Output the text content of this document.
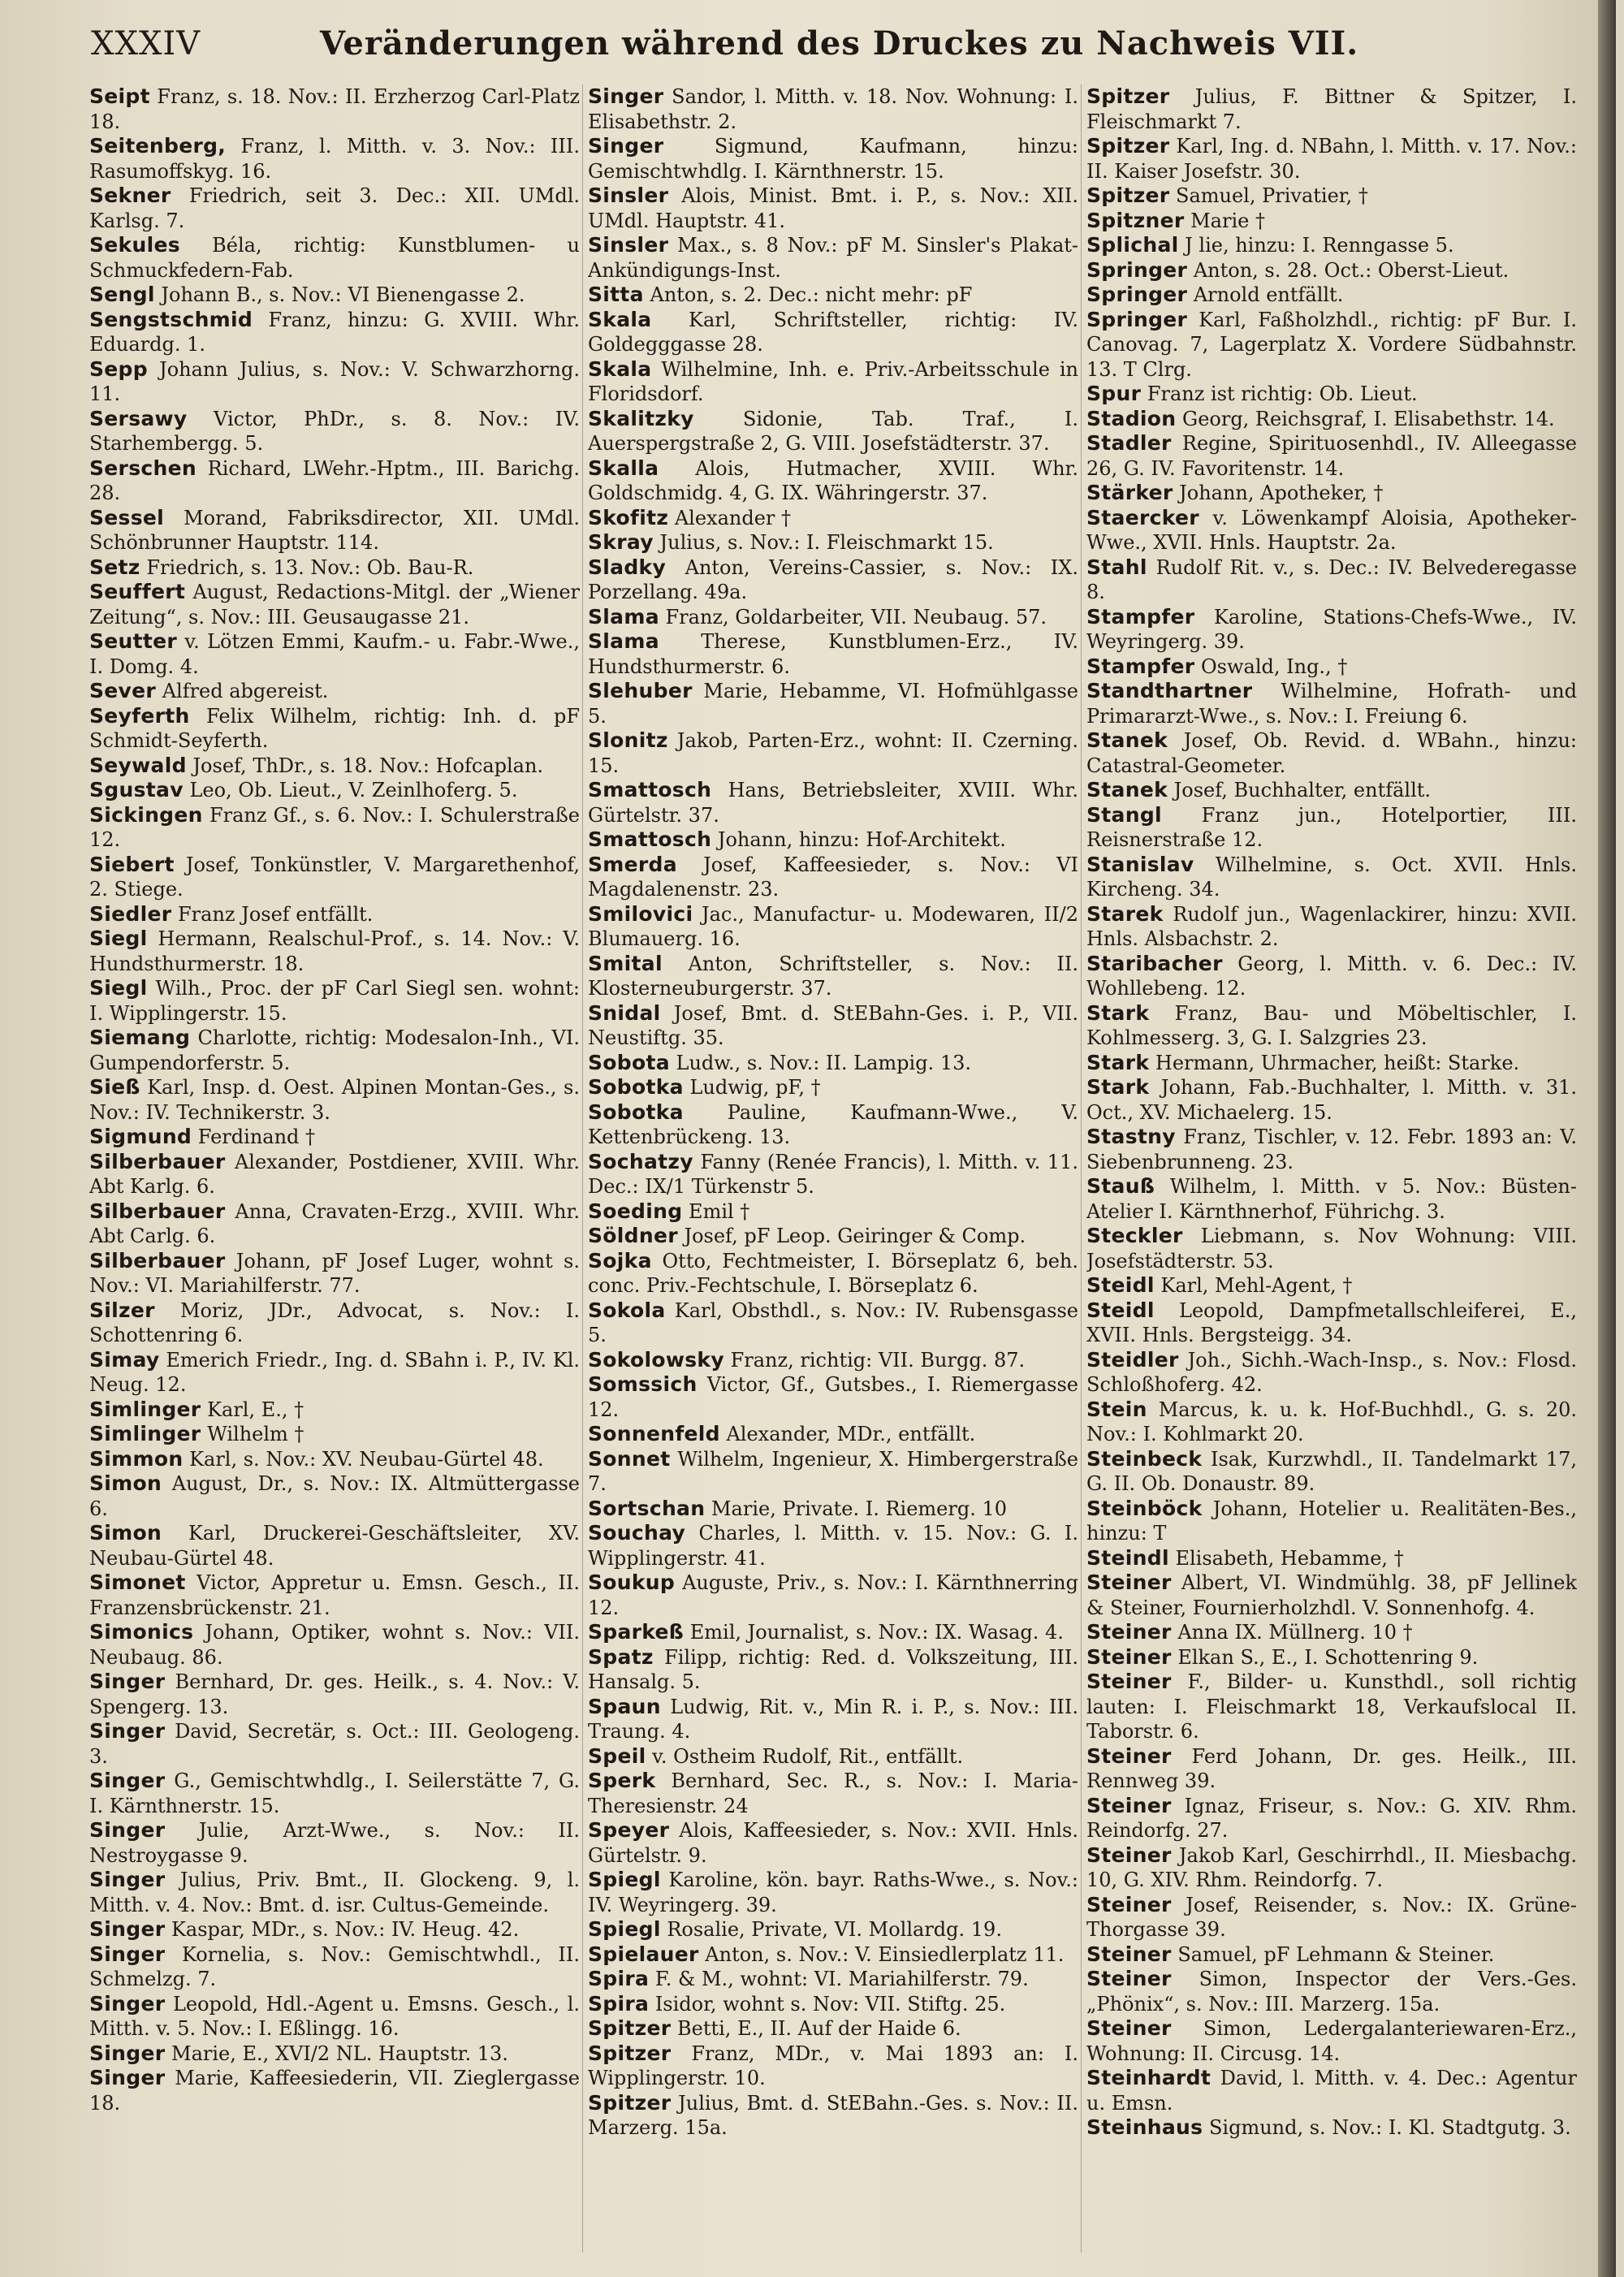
XXXIV	Veränderungen während des Druckes zu Nachweis VII.
Seipt Franz, s. 18. Nov.: II. Erzherzog Carl-Platz 18.
Seitenberg, Franz, l. Mitth. v. 3. Nov.: III. Rasumoffskyg. 16.
Sekner Friedrich, seit 3. Dec.: XII. UMdl. Karlsg. 7.
Sekules Béla, richtig: Kunstblumen- u Schmuckfedern-Fab.
Sengl Johann B., s. Nov.: VI Bienengasse 2.
Sengstschmid Franz, hinzu: G. XVIII. Whr. Eduardg. 1.
Sepp Johann Julius, s. Nov.: V. Schwarzhorng. 11.
Sersawy Victor, PhDr., s. 8. Nov.: IV. Starhembergg. 5.
Serschen Richard, LWehr.-Hptm., III. Barichg. 28.
Sessel Morand, Fabriksdirector, XII. UMdl. Schönbrunner Hauptstr. 114.
Setz Friedrich, s. 13. Nov.: Ob. Bau-R.
Seuffert August, Redactions-Mitgl. der „Wiener Zeitung“, s. Nov.: III. Geusaugasse 21.
Seutter v. Lötzen Emmi, Kaufm.- u. Fabr.-Wwe., I. Domg. 4.
Sever Alfred abgereist.
Seyferth Felix Wilhelm, richtig: Inh. d. pF Schmidt-Seyferth.
Seywald Josef, ThDr., s. 18. Nov.: Hofcaplan.
Sgustav Leo, Ob. Lieut., V. Zeinlhoferg. 5.
Sickingen Franz Gf., s. 6. Nov.: I. Schulerstraße 12.
Siebert Josef, Tonkünstler, V. Margarethenhof, 2. Stiege.
Siedler Franz Josef entfällt.
Siegl Hermann, Realschul-Prof., s. 14. Nov.: V. Hundsthurmerstr. 18.
Siegl Wilh., Proc. der pF Carl Siegl sen. wohnt: I. Wipplingerstr. 15.
Siemang Charlotte, richtig: Modesalon-Inh., VI. Gumpendorferstr. 5.
Sieß Karl, Insp. d. Oest. Alpinen Montan-Ges., s. Nov.: IV. Technikerstr. 3.
Sigmund Ferdinand †
Silberbauer Alexander, Postdiener, XVIII. Whr. Abt Karlg. 6.
Silberbauer Anna, Cravaten-Erzg., XVIII. Whr. Abt Carlg. 6.
Silberbauer Johann, pF Josef Luger, wohnt s. Nov.: VI. Mariahilferstr. 77.
Silzer Moriz, JDr., Advocat, s. Nov.: I. Schottenring 6.
Simay Emerich Friedr., Ing. d. SBahn i. P., IV. Kl. Neug. 12.
Simlinger Karl, E., †
Simlinger Wilhelm †
Simmon Karl, s. Nov.: XV. Neubau-Gürtel 48.
Simon August, Dr., s. Nov.: IX. Altmüttergasse 6.
Simon Karl, Druckerei-Geschäftsleiter, XV. Neubau-Gürtel 48.
Simonet Victor, Appretur u. Emsn. Gesch., II. Franzensbrückenstr. 21.
Simonics Johann, Optiker, wohnt s. Nov.: VII. Neubaug. 86.
Singer Bernhard, Dr. ges. Heilk., s. 4. Nov.: V. Spengerg. 13.
Singer David, Secretär, s. Oct.: III. Geologeng. 3.
Singer G., Gemischtwhdlg., I. Seilerstätte 7, G. I. Kärnthnerstr. 15.
Singer Julie, Arzt-Wwe., s. Nov.: II. Nestroygasse 9.
Singer Julius, Priv. Bmt., II. Glockeng. 9, l. Mitth. v. 4. Nov.: Bmt. d. isr. Cultus-Gemeinde.
Singer Kaspar, MDr., s. Nov.: IV. Heug. 42.
Singer Kornelia, s. Nov.: Gemischtwhdl., II. Schmelzg. 7.
Singer Leopold, Hdl.-Agent u. Emsns. Gesch., l. Mitth. v. 5. Nov.: I. Eßlingg. 16.
Singer Marie, E., XVI/2 NL. Hauptstr. 13.
Singer Marie, Kaffeesiederin, VII. Zieglergasse 18.
Singer Sandor, l. Mitth. v. 18. Nov. Wohnung: I. Elisabethstr. 2.
Singer	Sigmund, Kaufmann, hinzu: Gemischtwhdlg. I. Kärnthnerstr. 15.
Sinsler Alois, Minist. Bmt. i. P., s. Nov.: XII. UMdl. Hauptstr. 41.
Sinsler Max., s. 8 Nov.: pF M. Sinsler's Plakat-Ankündigungs-Inst.
Sitta Anton, s. 2. Dec.: nicht mehr: pF
Skala Karl, Schriftsteller, richtig: IV. Goldegggasse 28.
Skala Wilhelmine, Inh. e. Priv.-Arbeitsschule in Floridsdorf.
Skalitzky	Sidonie, Tab. Traf., I. Auerspergstraße 2, G. VIII. Josefstädterstr. 37.
Skalla Alois, Hutmacher, XVIII. Whr. Goldschmidg. 4, G. IX. Währingerstr. 37.
Skofitz Alexander †
Skray Julius, s. Nov.: I. Fleischmarkt 15.
Sladky Anton, Vereins-Cassier, s. Nov.: IX. Porzellang. 49a.
Slama Franz, Goldarbeiter, VII. Neubaug. 57.
Slama Therese, Kunstblumen-Erz., IV. Hundsthurmerstr. 6.
Slehuber Marie, Hebamme, VI. Hofmühlgasse 5.
Slonitz Jakob, Parten-Erz., wohnt: II. Czerning. 15.
Smattosch Hans, Betriebsleiter, XVIII. Whr. Gürtelstr. 37.
Smattosch Johann, hinzu: Hof-Architekt.
Smerda Josef, Kaffeesieder, s. Nov.: VI Magdalenenstr. 23.
Smilovici Jac., Manufactur- u. Modewaren, II/2 Blumauerg. 16.
Smital Anton, Schriftsteller, s. Nov.: II. Klosterneuburgerstr. 37.
Snidal Josef, Bmt. d. StEBahn-Ges. i. P., VII. Neustiftg. 35.
Sobota Ludw., s. Nov.: II. Lampig. 13.
Sobotka Ludwig, pF, †
Sobotka Pauline, Kaufmann-Wwe., V. Kettenbrückeng. 13.
Sochatzy Fanny (Renée Francis), l. Mitth. v. 11. Dec.: IX/1 Türkenstr 5.
Soeding Emil †
Söldner Josef, pF Leop. Geiringer & Comp.
Sojka Otto, Fechtmeister, I. Börseplatz 6, beh. conc. Priv.-Fechtschule, I. Börseplatz 6.
Sokola Karl, Obsthdl., s. Nov.: IV. Rubensgasse 5.
Sokolowsky Franz, richtig: VII. Burgg. 87.
Somssich Victor, Gf., Gutsbes., I. Riemergasse 12.
Sonnenfeld Alexander, MDr., entfällt.
Sonnet Wilhelm, Ingenieur, X. Himbergerstraße 7.
Sortschan Marie, Private. I. Riemerg. 10
Souchay Charles, l. Mitth. v. 15. Nov.: G. I. Wipplingerstr. 41.
Soukup Auguste, Priv., s. Nov.: I. Kärnthnerring 12.
Sparkeß Emil, Journalist, s. Nov.: IX. Wasag. 4.
Spatz Filipp, richtig: Red. d. Volkszeitung, III. Hansalg. 5.
Spaun Ludwig, Rit. v., Min R. i. P., s. Nov.: III. Traung. 4.
Speil v. Ostheim Rudolf, Rit., entfällt.
Sperk Bernhard, Sec. R., s. Nov.: I. Maria-Theresienstr. 24
Speyer Alois, Kaffeesieder, s. Nov.: XVII. Hnls. Gürtelstr. 9.
Spiegl Karoline, kön. bayr. Raths-Wwe., s. Nov.: IV. Weyringerg. 39.
Spiegl Rosalie, Private, VI. Mollardg. 19.
Spielauer Anton, s. Nov.: V. Einsiedlerplatz 11.
Spira F. & M., wohnt: VI. Mariahilferstr. 79.
Spira Isidor, wohnt s. Nov: VII. Stiftg. 25.
Spitzer Betti, E., II. Auf der Haide 6.
Spitzer Franz, MDr., v. Mai 1893 an: I. Wipplingerstr. 10.
Spitzer Julius, Bmt. d. StEBahn.-Ges. s. Nov.: II. Marzerg. 15a.
Spitzer Julius, F. Bittner & Spitzer, I. Fleischmarkt 7.
Spitzer Karl, Ing. d. NBahn, l. Mitth. v. 17. Nov.: II. Kaiser Josefstr. 30.
Spitzer Samuel, Privatier, †
Spitzner Marie †
Splichal J lie, hinzu: I. Renngasse 5.
Springer Anton, s. 28. Oct.: Oberst-Lieut.
Springer Arnold entfällt.
Springer Karl, Faßholzhdl., richtig: pF Bur. I. Canovag. 7, Lagerplatz X. Vordere Südbahnstr. 13. T Clrg.
Spur Franz ist richtig: Ob. Lieut.
Stadion Georg, Reichsgraf, I. Elisabethstr. 14.
Stadler Regine, Spirituosenhdl., IV. Alleegasse 26, G. IV. Favoritenstr. 14.
Stärker Johann, Apotheker, †
Staercker v. Löwenkampf Aloisia, Apotheker-Wwe., XVII. Hnls. Hauptstr. 2a.
Stahl Rudolf Rit. v., s. Dec.: IV. Belvederegasse 8.
Stampfer Karoline, Stations-Chefs-Wwe., IV. Weyringerg. 39.
Stampfer Oswald, Ing., †
Standthartner Wilhelmine, Hofrath- und Primararzt-Wwe., s. Nov.: I. Freiung 6.
Stanek Josef, Ob. Revid. d. WBahn., hinzu: Catastral-Geometer.
Stanek Josef, Buchhalter, entfällt.
Stangl Franz jun., Hotelportier, III. Reisnerstraße 12.
Stanislav Wilhelmine, s. Oct. XVII. Hnls. Kircheng. 34.
Starek Rudolf jun., Wagenlackirer, hinzu: XVII. Hnls. Alsbachstr. 2.
Staribacher Georg, l. Mitth. v. 6. Dec.: IV. Wohllebeng. 12.
Stark Franz, Bau- und Möbeltischler, I. Kohlmesserg. 3, G. I. Salzgries 23.
Stark Hermann, Uhrmacher, heißt: Starke.
Stark Johann, Fab.-Buchhalter, l. Mitth. v. 31. Oct., XV. Michaelerg. 15.
Stastny Franz, Tischler, v. 12. Febr. 1893 an: V. Siebenbrunneng. 23.
Stauß Wilhelm, l. Mitth. v 5. Nov.: Büsten-Atelier I. Kärnthnerhof, Führichg. 3.
Steckler Liebmann, s. Nov Wohnung: VIII. Josefstädterstr. 53.
Steidl Karl, Mehl-Agent, †
Steidl Leopold, Dampfmetallschleiferei, E., XVII. Hnls. Bergsteigg. 34.
Steidler Joh., Sichh.-Wach-Insp., s. Nov.: Flosd. Schloßhoferg. 42.
Stein Marcus, k. u. k. Hof-Buchhdl., G. s. 20. Nov.: I. Kohlmarkt 20.
Steinbeck Isak, Kurzwhdl., II. Tandelmarkt 17, G. II. Ob. Donaustr. 89.
Steinböck Johann, Hotelier u. Realitäten-Bes., hinzu: T
Steindl Elisabeth, Hebamme, †
Steiner Albert, VI. Windmühlg. 38, pF Jellinek & Steiner, Fournierholzhdl. V. Sonnenhofg. 4.
Steiner Anna IX. Müllnerg. 10 †
Steiner Elkan S., E., I. Schottenring 9.
Steiner F., Bilder- u. Kunsthdl., soll richtig lauten: I. Fleischmarkt 18, Verkaufslocal II. Taborstr. 6.
Steiner Ferd Johann, Dr. ges. Heilk., III. Rennweg 39.
Steiner Ignaz, Friseur, s. Nov.: G. XIV. Rhm. Reindorfg. 27.
Steiner Jakob Karl, Geschirrhdl., II. Miesbachg. 10, G. XIV. Rhm. Reindorfg. 7.
Steiner Josef, Reisender, s. Nov.: IX. Grüne-Thorgasse 39.
Steiner Samuel, pF Lehmann & Steiner.
Steiner Simon, Inspector der Vers.-Ges. „Phönix“, s. Nov.: III. Marzerg. 15a.
Steiner Simon, Ledergalanteriewaren-Erz., Wohnung: II. Circusg. 14.
Steinhardt David, l. Mitth. v. 4. Dec.: Agentur u. Emsn.
Steinhaus Sigmund, s. Nov.: I. Kl. Stadtgutg. 3.
